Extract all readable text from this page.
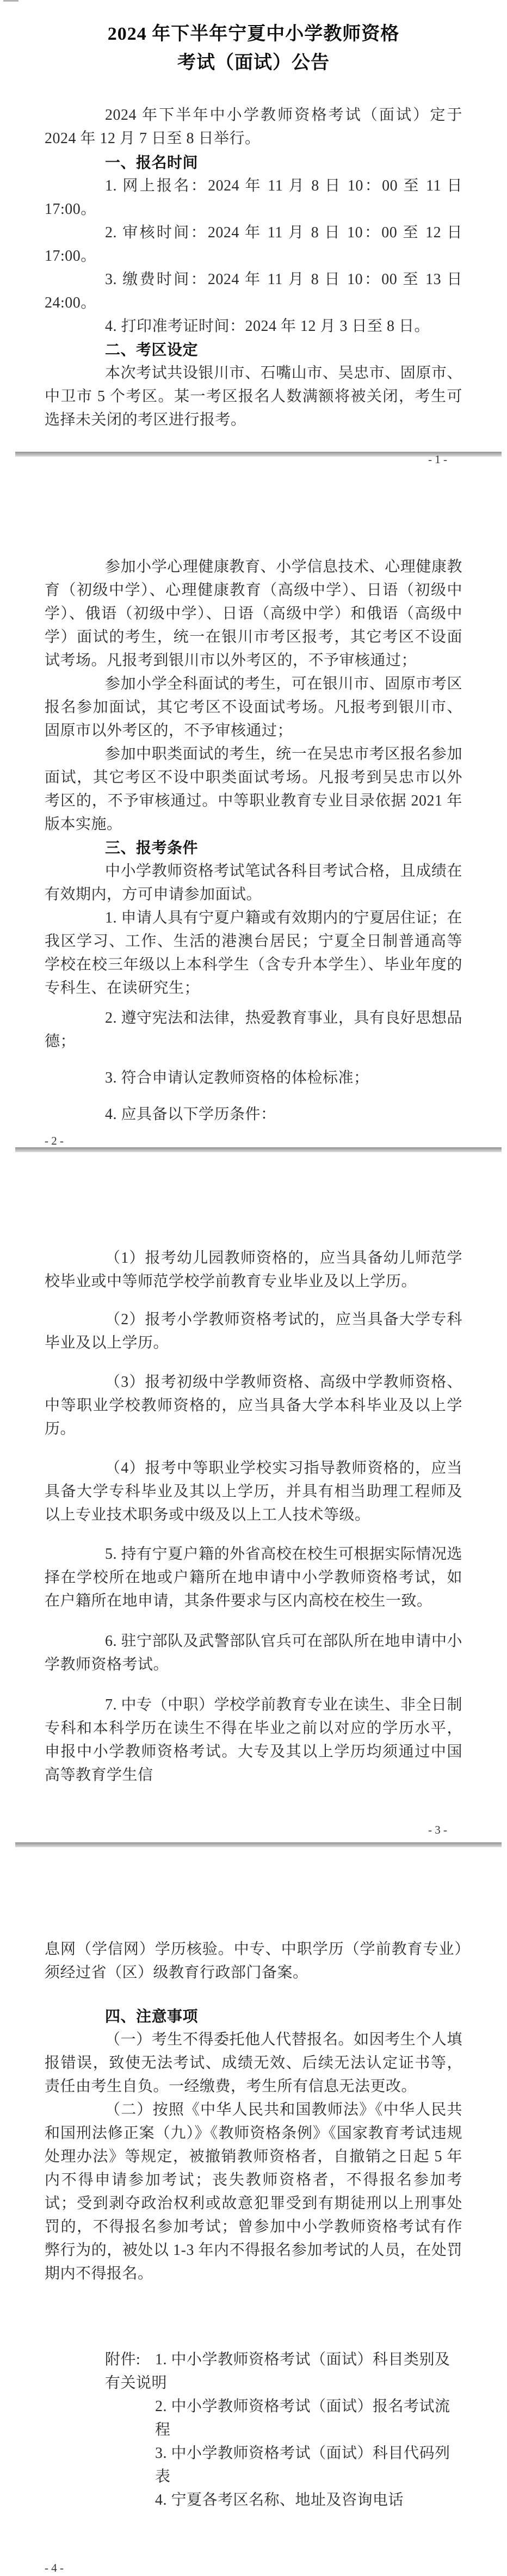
2024 年下半年宁夏中小学教师资格
考试（面试）公告

2024 年下半年中小学教师资格考试（面试）定于 2024 年 12 月 7 日至 8 日举行。

一、报名时间

1. 网上报名：2024 年 11 月 8 日 10：00 至 11 日 17:00。

2. 审核时间：2024 年 11 月 8 日 10：00 至 12 日 17:00。

3. 缴费时间：2024 年 11 月 8 日 10：00 至 13 日 24:00。

4. 打印准考证时间：2024 年 12 月 3 日至 8 日。

二、考区设定

本次考试共设银川市、石嘴山市、吴忠市、固原市、中卫市 5 个考区。某一考区报名人数满额将被关闭，考生可选择未关闭的考区进行报考。

- 1 -

参加小学心理健康教育、小学信息技术、心理健康教育（初级中学）、心理健康教育（高级中学）、日语（初级中学）、俄语（初级中学）、日语（高级中学）和俄语（高级中学）面试的考生，统一在银川市考区报考，其它考区不设面试考场。凡报考到银川市以外考区的，不予审核通过；

参加小学全科面试的考生，可在银川市、固原市考区报名参加面试，其它考区不设面试考场。凡报考到银川市、固原市以外考区的，不予审核通过；

参加中职类面试的考生，统一在吴忠市考区报名参加面试，其它考区不设中职类面试考场。凡报考到吴忠市以外考区的，不予审核通过。中等职业教育专业目录依据 2021 年版本实施。

三、报考条件

中小学教师资格考试笔试各科目考试合格，且成绩在有效期内，方可申请参加面试。

1. 申请人具有宁夏户籍或有效期内的宁夏居住证；在我区学习、工作、生活的港澳台居民；宁夏全日制普通高等学校在校三年级以上本科学生（含专升本学生）、毕业年度的专科生、在读研究生；

2. 遵守宪法和法律，热爱教育事业，具有良好思想品德；

3. 符合申请认定教师资格的体检标准；

4. 应具备以下学历条件：

- 2 -

（1）报考幼儿园教师资格的，应当具备幼儿师范学校毕业或中等师范学校学前教育专业毕业及以上学历。

（2）报考小学教师资格考试的，应当具备大学专科毕业及以上学历。

（3）报考初级中学教师资格、高级中学教师资格、中等职业学校教师资格的，应当具备大学本科毕业及以上学历。

（4）报考中等职业学校实习指导教师资格的，应当具备大学专科毕业及其以上学历，并具有相当助理工程师及以上专业技术职务或中级及以上工人技术等级。

5. 持有宁夏户籍的外省高校在校生可根据实际情况选择在学校所在地或户籍所在地申请中小学教师资格考试，如在户籍所在地申请，其条件要求与区内高校在校生一致。

6. 驻宁部队及武警部队官兵可在部队所在地申请中小学教师资格考试。

7. 中专（中职）学校学前教育专业在读生、非全日制专科和本科学历在读生不得在毕业之前以对应的学历水平，申报中小学教师资格考试。大专及其以上学历均须通过中国高等教育学生信

- 3 -

息网（学信网）学历核验。中专、中职学历（学前教育专业）须经过省（区）级教育行政部门备案。

四、注意事项

（一）考生不得委托他人代替报名。如因考生个人填报错误，致使无法考试、成绩无效、后续无法认定证书等，责任由考生自负。一经缴费，考生所有信息无法更改。

（二）按照《中华人民共和国教师法》《中华人民共和国刑法修正案（九）》《教师资格条例》《国家教育考试违规处理办法》等规定，被撤销教师资格者，自撤销之日起 5 年内不得申请参加考试；丧失教师资格者，不得报名参加考试；受到剥夺政治权利或故意犯罪受到有期徒刑以上刑事处罚的，不得报名参加考试；曾参加中小学教师资格考试有作弊行为的，被处以 1-3 年内不得报名参加考试的人员，在处罚期内不得报名。

附件: 1. 中小学教师资格考试（面试）科目类别及有关说明
2. 中小学教师资格考试（面试）报名考试流程
3. 中小学教师资格考试（面试）科目代码列表
4. 宁夏各考区名称、地址及咨询电话
- 4 -
